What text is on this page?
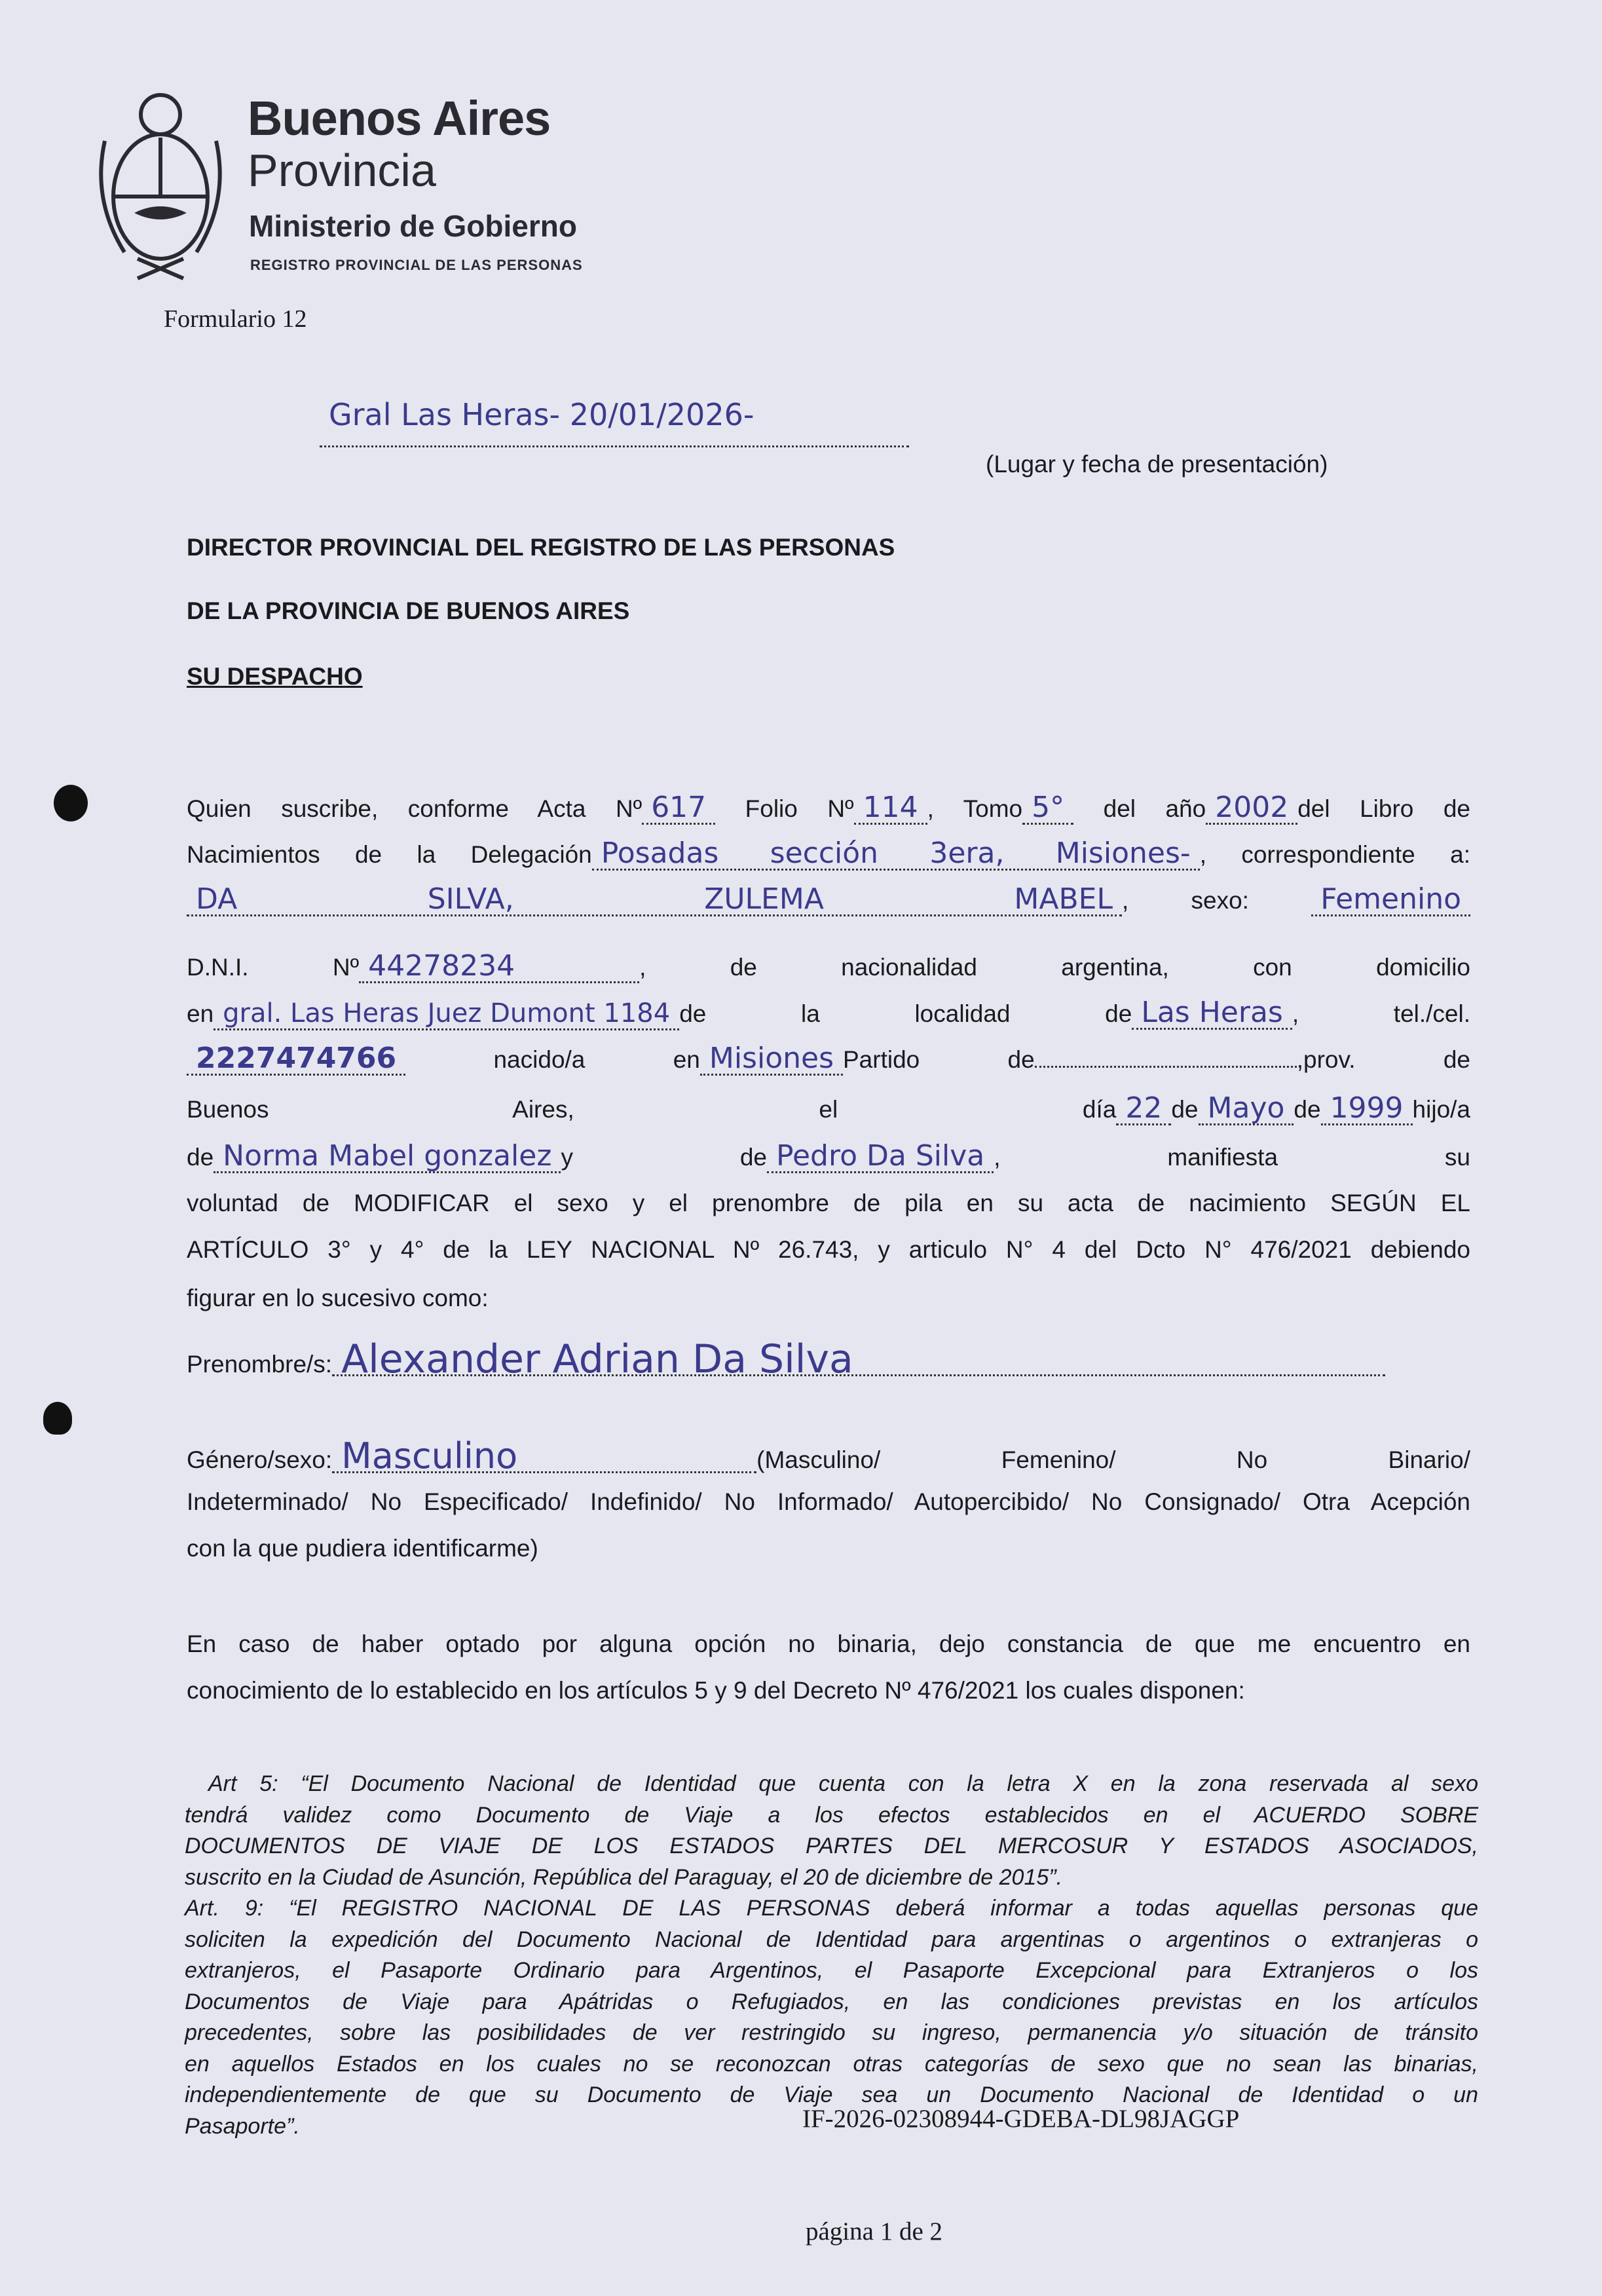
Buenos Aires
Provincia
Ministerio de Gobierno
REGISTRO PROVINCIAL DE LAS PERSONAS
Formulario 12
Gral Las Heras- 20/01/2026-
(Lugar y fecha de presentación)
DIRECTOR PROVINCIAL DEL REGISTRO DE LAS PERSONAS
DE LA PROVINCIA DE BUENOS AIRES
SU DESPACHO
Quien suscribe, conforme Acta Nº 617 Folio Nº 114 , Tomo 5° del año 2002 del Libro de
Nacimientos de la Delegación Posadas sección 3era, Misiones- , correspondiente a:
DA SILVA, ZULEMA MABEL , sexo: Femenino
D.N.I. Nº 44278234	, de nacionalidad argentina, con domicilio
en gral. Las Heras Juez Dumont 1184 de la localidad de Las Heras , tel./cel.
2227474766	nacido/a en Misiones Partido de	,prov. de
Buenos Aires, el día 22 de Mayo de 1999 hijo/a
de Norma Mabel gonzalez y de Pedro Da Silva , manifiesta su
voluntad de MODIFICAR el sexo y el prenombre de pila en su acta de nacimiento SEGÚN EL
ARTÍCULO 3° y 4° de la LEY NACIONAL Nº 26.743, y articulo N° 4 del Dcto N° 476/2021 debiendo
figurar en lo sucesivo como:
Prenombre/s: Alexander Adrian Da Silva
Género/sexo: Masculino	(Masculino/ Femenino/ No Binario/
Indeterminado/ No Especificado/ Indefinido/ No Informado/ Autopercibido/ No Consignado/ Otra Acepción
con la que pudiera identificarme)
En caso de haber optado por alguna opción no binaria, dejo constancia de que me encuentro en
conocimiento de lo establecido en los artículos 5 y 9 del Decreto Nº 476/2021 los cuales disponen:
Art 5: “El Documento Nacional de Identidad que cuenta con la letra X en la zona reservada al sexo
tendrá validez como Documento de Viaje a los efectos establecidos en el ACUERDO SOBRE
DOCUMENTOS DE VIAJE DE LOS ESTADOS PARTES DEL MERCOSUR Y ESTADOS ASOCIADOS,
suscrito en la Ciudad de Asunción, República del Paraguay, el 20 de diciembre de 2015”.
Art. 9: “El REGISTRO NACIONAL DE LAS PERSONAS deberá informar a todas aquellas personas que
soliciten la expedición del Documento Nacional de Identidad para argentinas o argentinos o extranjeras o
extranjeros, el Pasaporte Ordinario para Argentinos, el Pasaporte Excepcional para Extranjeros o los
Documentos de Viaje para Apátridas o Refugiados, en las condiciones previstas en los artículos
precedentes, sobre las posibilidades de ver restringido su ingreso, permanencia y/o situación de tránsito
en aquellos Estados en los cuales no se reconozcan otras categorías de sexo que no sean las binarias,
independientemente de que su Documento de Viaje sea un Documento Nacional de Identidad o un
Pasaporte”.	IF-2026-02308944-GDEBA-DL98JAGGP
página 1 de 2
